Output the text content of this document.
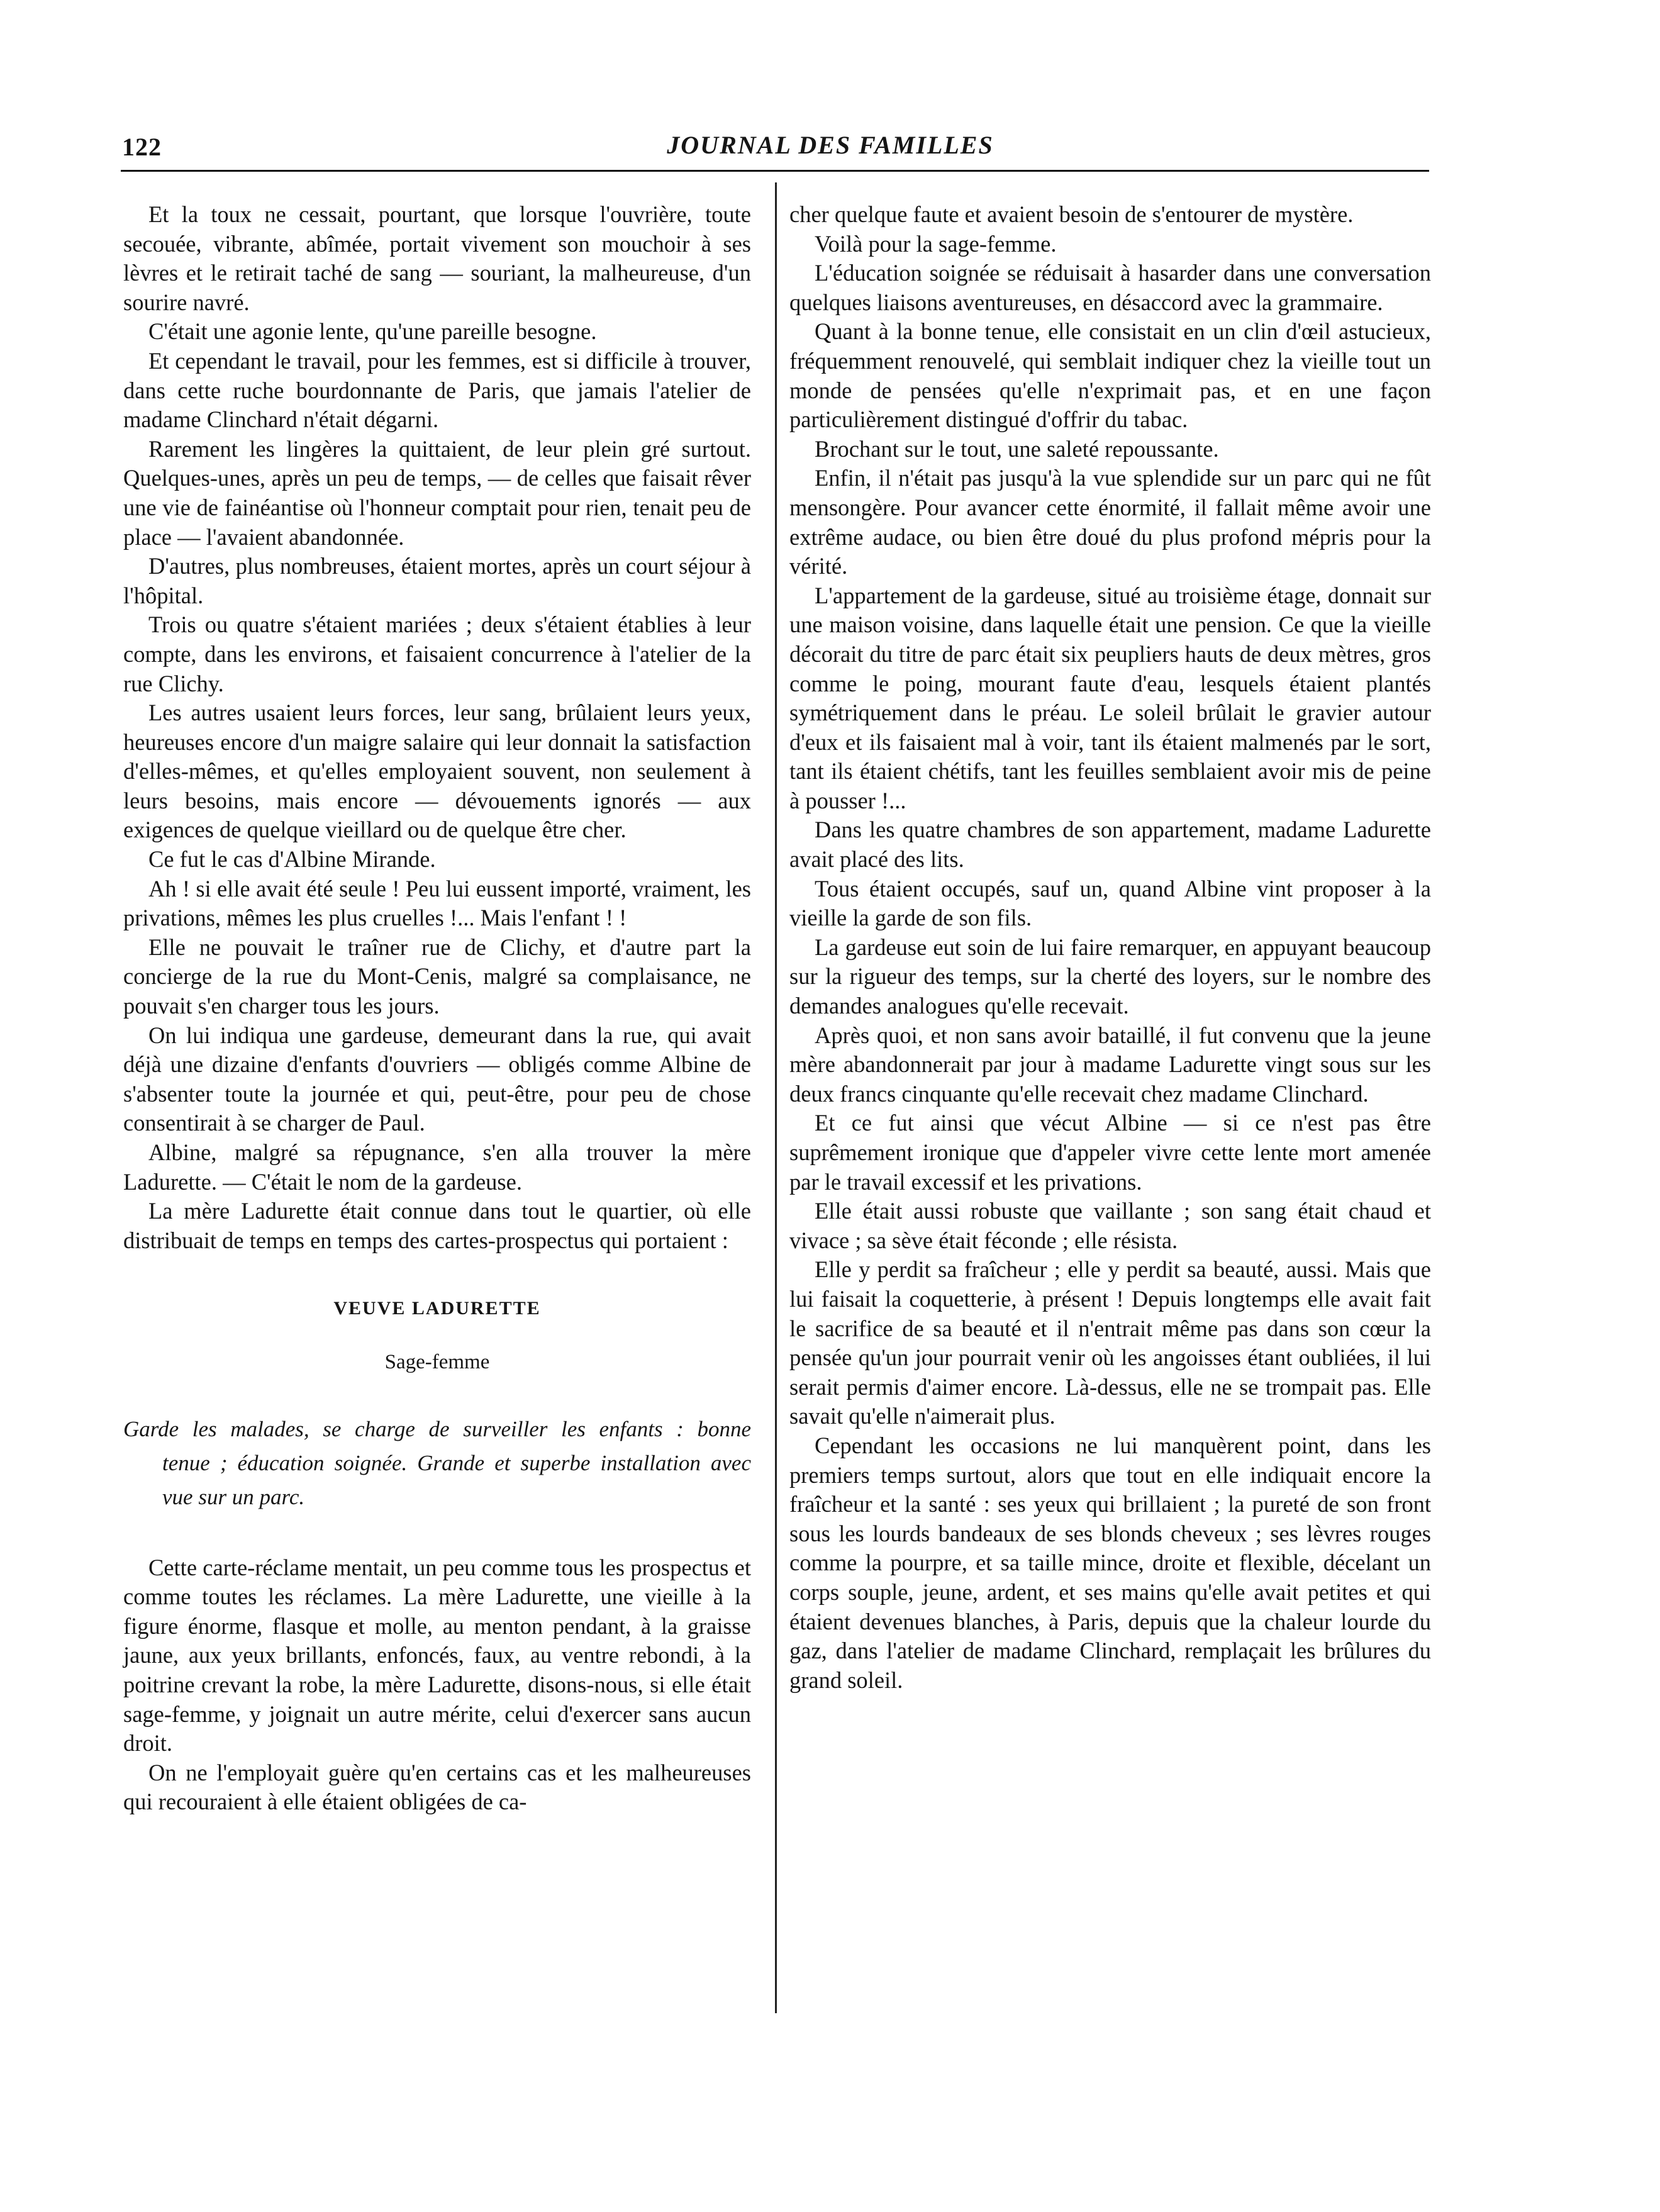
122	JOURNAL DES FAMILLES

Et la toux ne cessait, pourtant, que lorsque l'ouvrière, toute secouée, vibrante, abîmée, portait vivement son mouchoir à ses lèvres et le retirait taché de sang — souriant, la malheureuse, d'un sourire navré.

C'était une agonie lente, qu'une pareille besogne.

Et cependant le travail, pour les femmes, est si difficile à trouver, dans cette ruche bourdonnante de Paris, que jamais l'atelier de madame Clinchard n'était dégarni.

Rarement les lingères la quittaient, de leur plein gré surtout. Quelques-unes, après un peu de temps, — de celles que faisait rêver une vie de fainéantise où l'honneur comptait pour rien, tenait peu de place — l'avaient abandonnée.

D'autres, plus nombreuses, étaient mortes, après un court séjour à l'hôpital.

Trois ou quatre s'étaient mariées ; deux s'étaient établies à leur compte, dans les environs, et faisaient concurrence à l'atelier de la rue Clichy.

Les autres usaient leurs forces, leur sang, brûlaient leurs yeux, heureuses encore d'un maigre salaire qui leur donnait la satisfaction d'elles-mêmes, et qu'elles employaient souvent, non seulement à leurs besoins, mais encore — dévouements ignorés — aux exigences de quelque vieillard ou de quelque être cher.

Ce fut le cas d'Albine Mirande.

Ah ! si elle avait été seule ! Peu lui eussent importé, vraiment, les privations, mêmes les plus cruelles !... Mais l'enfant ! !

Elle ne pouvait le traîner rue de Clichy, et d'autre part la concierge de la rue du Mont-Cenis, malgré sa complaisance, ne pouvait s'en charger tous les jours.

On lui indiqua une gardeuse, demeurant dans la rue, qui avait déjà une dizaine d'enfants d'ouvriers — obligés comme Albine de s'absenter toute la journée et qui, peut-être, pour peu de chose consentirait à se charger de Paul.

Albine, malgré sa répugnance, s'en alla trouver la mère Ladurette. — C'était le nom de la gardeuse.

La mère Ladurette était connue dans tout le quartier, où elle distribuait de temps en temps des cartes-prospectus qui portaient :

VEUVE LADURETTE
Sage-femme
Garde les malades, se charge de surveiller les enfants : bonne
tenue ; éducation soignée. Grande et superbe installation avec
vue sur un parc.

Cette carte-réclame mentait, un peu comme tous les prospectus et comme toutes les réclames. La mère Ladurette, une vieille à la figure énorme, flasque et molle, au menton pendant, à la graisse jaune, aux yeux brillants, enfoncés, faux, au ventre rebondi, à la poitrine crevant la robe, la mère Ladurette, disons-nous, si elle était sage-femme, y joignait un autre mérite, celui d'exercer sans aucun droit.

On ne l'employait guère qu'en certains cas et les malheureuses qui recouraient à elle étaient obligées de ca-

cher quelque faute et avaient besoin de s'entourer de mystère.

Voilà pour la sage-femme.

L'éducation soignée se réduisait à hasarder dans une conversation quelques liaisons aventureuses, en désaccord avec la grammaire.

Quant à la bonne tenue, elle consistait en un clin d'œil astucieux, fréquemment renouvelé, qui semblait indiquer chez la vieille tout un monde de pensées qu'elle n'exprimait pas, et en une façon particulièrement distingué d'offrir du tabac.

Brochant sur le tout, une saleté repoussante.

Enfin, il n'était pas jusqu'à la vue splendide sur un parc qui ne fût mensongère. Pour avancer cette énormité, il fallait même avoir une extrême audace, ou bien être doué du plus profond mépris pour la vérité.

L'appartement de la gardeuse, situé au troisième étage, donnait sur une maison voisine, dans laquelle était une pension. Ce que la vieille décorait du titre de parc était six peupliers hauts de deux mètres, gros comme le poing, mourant faute d'eau, lesquels étaient plantés symétriquement dans le préau. Le soleil brûlait le gravier autour d'eux et ils faisaient mal à voir, tant ils étaient malmenés par le sort, tant ils étaient chétifs, tant les feuilles semblaient avoir mis de peine à pousser !...

Dans les quatre chambres de son appartement, madame Ladurette avait placé des lits.

Tous étaient occupés, sauf un, quand Albine vint proposer à la vieille la garde de son fils.

La gardeuse eut soin de lui faire remarquer, en appuyant beaucoup sur la rigueur des temps, sur la cherté des loyers, sur le nombre des demandes analogues qu'elle recevait.

Après quoi, et non sans avoir bataillé, il fut convenu que la jeune mère abandonnerait par jour à madame Ladurette vingt sous sur les deux francs cinquante qu'elle recevait chez madame Clinchard.

Et ce fut ainsi que vécut Albine — si ce n'est pas être suprêmement ironique que d'appeler vivre cette lente mort amenée par le travail excessif et les privations.

Elle était aussi robuste que vaillante ; son sang était chaud et vivace ; sa sève était féconde ; elle résista.

Elle y perdit sa fraîcheur ; elle y perdit sa beauté, aussi. Mais que lui faisait la coquetterie, à présent ! Depuis longtemps elle avait fait le sacrifice de sa beauté et il n'entrait même pas dans son cœur la pensée qu'un jour pourrait venir où les angoisses étant oubliées, il lui serait permis d'aimer encore. Là-dessus, elle ne se trompait pas. Elle savait qu'elle n'aimerait plus.

Cependant les occasions ne lui manquèrent point, dans les premiers temps surtout, alors que tout en elle indiquait encore la fraîcheur et la santé : ses yeux qui brillaient ; la pureté de son front sous les lourds bandeaux de ses blonds cheveux ; ses lèvres rouges comme la pourpre, et sa taille mince, droite et flexible, décelant un corps souple, jeune, ardent, et ses mains qu'elle avait petites et qui étaient devenues blanches, à Paris, depuis que la chaleur lourde du gaz, dans l'atelier de madame Clinchard, remplaçait les brûlures du grand soleil.
